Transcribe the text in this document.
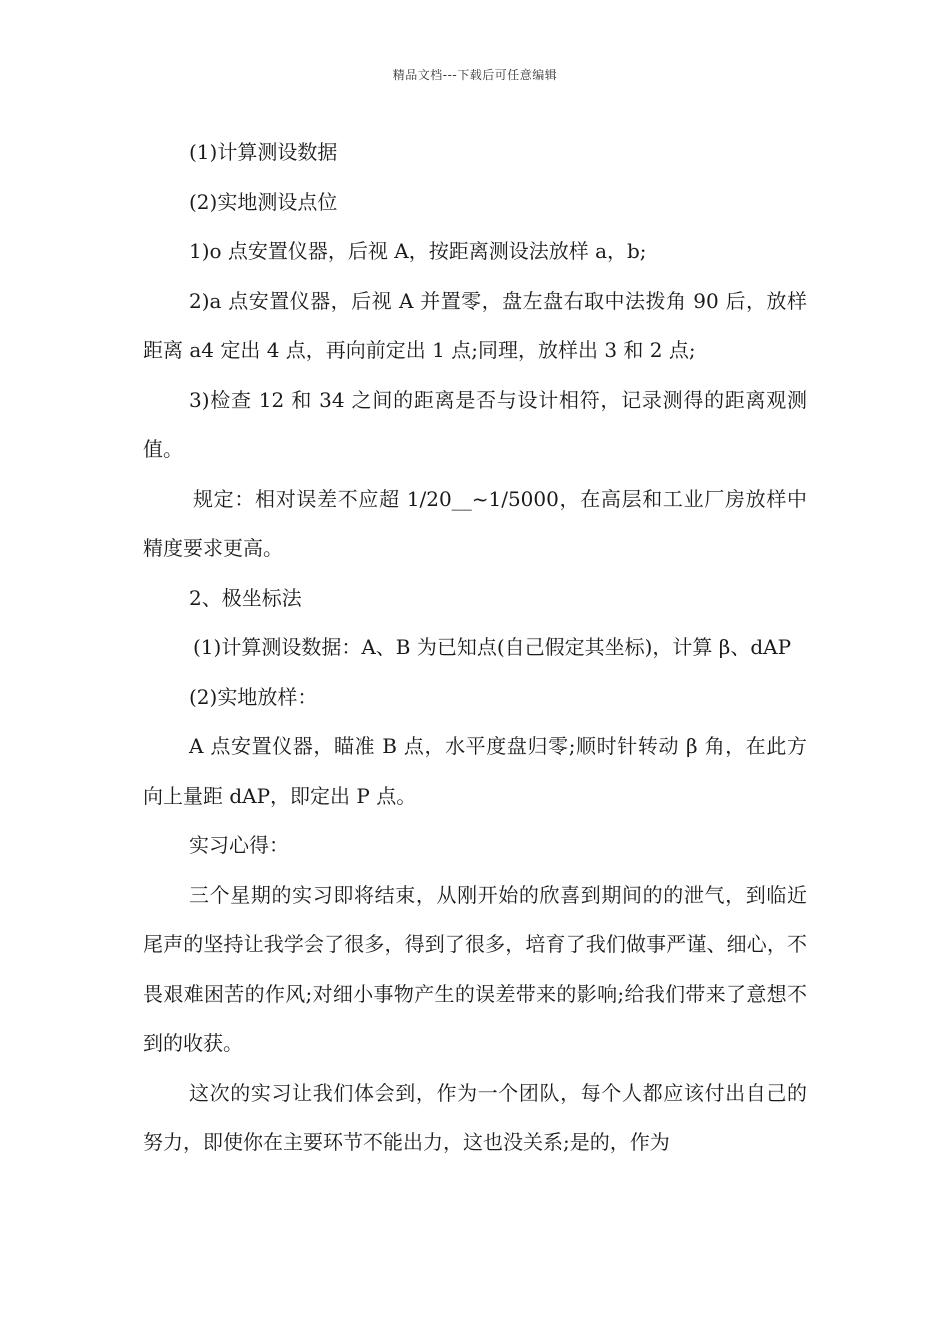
精品文档---下载后可任意编辑

(1)计算测设数据

(2)实地测设点位

1)o 点安置仪器，后视 A，按距离测设法放样 a，b;

2)a 点安置仪器，后视 A 并置零，盘左盘右取中法拨角 90 后，放样距离 a4 定出 4 点，再向前定出 1 点;同理，放样出 3 和 2 点;

3)检查 12 和 34 之间的距离是否与设计相符，记录测得的距离观测值。

规定：相对误差不应超 1/20__~1/5000，在高层和工业厂房放样中精度要求更高。

2、极坐标法

(1)计算测设数据：A、B 为已知点(自己假定其坐标)，计算 β、dAP

(2)实地放样：

A 点安置仪器，瞄准 B 点，水平度盘归零;顺时针转动 β 角，在此方向上量距 dAP，即定出 P 点。

实习心得：

三个星期的实习即将结束，从刚开始的欣喜到期间的的泄气，到临近尾声的坚持让我学会了很多，得到了很多，培育了我们做事严谨、细心，不畏艰难困苦的作风;对细小事物产生的误差带来的影响;给我们带来了意想不到的收获。

这次的实习让我们体会到，作为一个团队，每个人都应该付出自己的努力，即使你在主要环节不能出力，这也没关系;是的，作为
